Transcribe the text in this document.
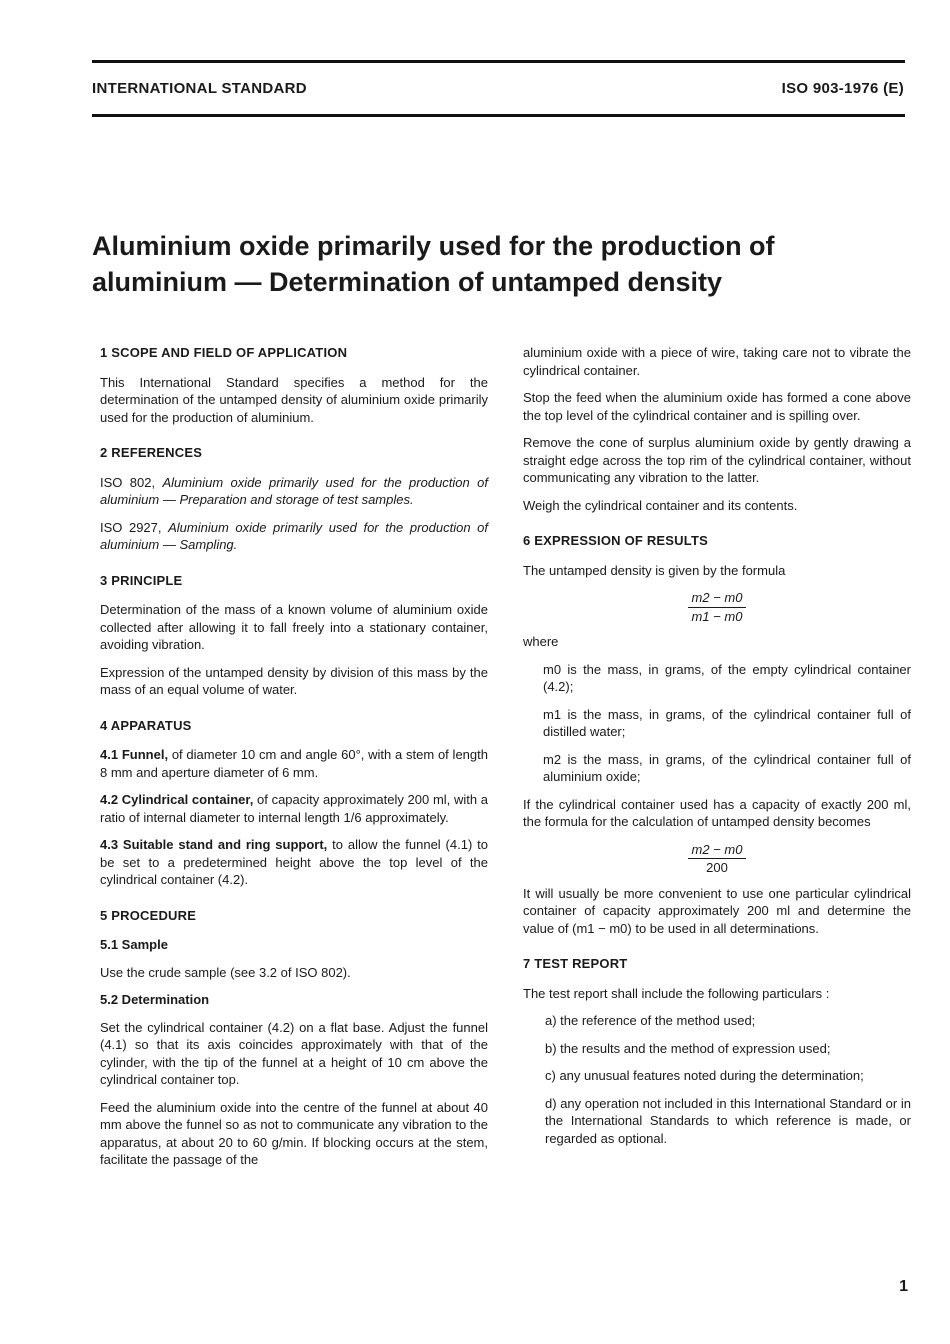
INTERNATIONAL STANDARD	ISO 903-1976 (E)
Aluminium oxide primarily used for the production of
aluminium — Determination of untamped density
1 SCOPE AND FIELD OF APPLICATION

This International Standard specifies a method for the determination of the untamped density of aluminium oxide primarily used for the production of aluminium.

2 REFERENCES

ISO 802, Aluminium oxide primarily used for the production of aluminium — Preparation and storage of test samples.

ISO 2927, Aluminium oxide primarily used for the production of aluminium — Sampling.

3 PRINCIPLE

Determination of the mass of a known volume of aluminium oxide collected after allowing it to fall freely into a stationary container, avoiding vibration.

Expression of the untamped density by division of this mass by the mass of an equal volume of water.

4 APPARATUS

4.1 Funnel, of diameter 10 cm and angle 60°, with a stem of length 8 mm and aperture diameter of 6 mm.

4.2 Cylindrical container, of capacity approximately 200 ml, with a ratio of internal diameter to internal length 1/6 approximately.

4.3 Suitable stand and ring support, to allow the funnel (4.1) to be set to a predetermined height above the top level of the cylindrical container (4.2).

5 PROCEDURE
5.1 Sample

Use the crude sample (see 3.2 of ISO 802).

5.2 Determination

Set the cylindrical container (4.2) on a flat base. Adjust the funnel (4.1) so that its axis coincides approximately with that of the cylinder, with the tip of the funnel at a height of 10 cm above the cylindrical container top.

Feed the aluminium oxide into the centre of the funnel at about 40 mm above the funnel so as not to communicate any vibration to the apparatus, at about 20 to 60 g/min. If blocking occurs at the stem, facilitate the passage of the

aluminium oxide with a piece of wire, taking care not to vibrate the cylindrical container.

Stop the feed when the aluminium oxide has formed a cone above the top level of the cylindrical container and is spilling over.

Remove the cone of surplus aluminium oxide by gently drawing a straight edge across the top rim of the cylindrical container, without communicating any vibration to the latter.

Weigh the cylindrical container and its contents.

6 EXPRESSION OF RESULTS

The untamped density is given by the formula

$\frac{m2 - m0}{m1 - m0}$

where

m0 is the mass, in grams, of the empty cylindrical container (4.2);

m1 is the mass, in grams, of the cylindrical container full of distilled water;

m2 is the mass, in grams, of the cylindrical container full of aluminium oxide;

If the cylindrical container used has a capacity of exactly 200 ml, the formula for the calculation of untamped density becomes

$\frac{m2 - m0}{200}$

It will usually be more convenient to use one particular cylindrical container of capacity approximately 200 ml and determine the value of (m1 − m0) to be used in all determinations.

7 TEST REPORT

The test report shall include the following particulars :

a) the reference of the method used;

b) the results and the method of expression used;

c) any unusual features noted during the determination;

d) any operation not included in this International Standard or in the International Standards to which reference is made, or regarded as optional.

1
